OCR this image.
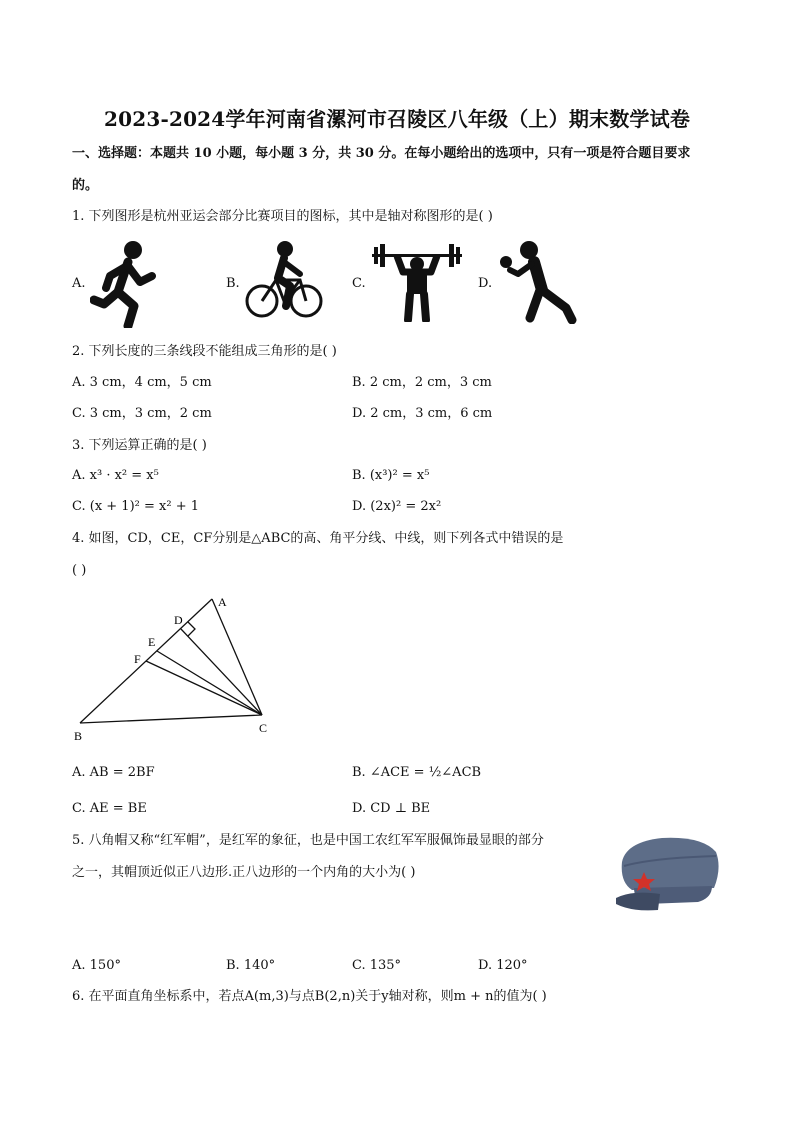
2023-2024学年河南省漯河市召陵区八年级（上）期末数学试卷
一、选择题：本题共 10 小题，每小题 3 分，共 30 分。在每小题给出的选项中，只有一项是符合题目要求
的。
1. 下列图形是杭州亚运会部分比赛项目的图标，其中是轴对称图形的是( )
A.	B.	C.	D.
2. 下列长度的三条线段不能组成三角形的是( )
A. 3 cm，4 cm，5 cm	B. 2 cm，2 cm，3 cm
C. 3 cm，3 cm，2 cm	D. 2 cm，3 cm，6 cm
3. 下列运算正确的是( )
A. x³ · x² = x⁵	B. (x³)² = x⁵
C. (x + 1)² = x² + 1	D. (2x)² = 2x²
4. 如图，CD，CE，CF分别是△ABC的高、角平分线、中线，则下列各式中错误的是
( )
A
B
C
D
E
F
A. AB = 2BF	B. ∠ACE = ½∠ACB
C. AE = BE	D. CD ⊥ BE
5. 八角帽又称“红军帽”，是红军的象征，也是中国工农红军军服佩饰最显眼的部分
之一，其帽顶近似正八边形.正八边形的一个内角的大小为( )
A. 150°	B. 140°	C. 135°	D. 120°
6. 在平面直角坐标系中，若点A(m,3)与点B(2,n)关于y轴对称，则m + n的值为( )
